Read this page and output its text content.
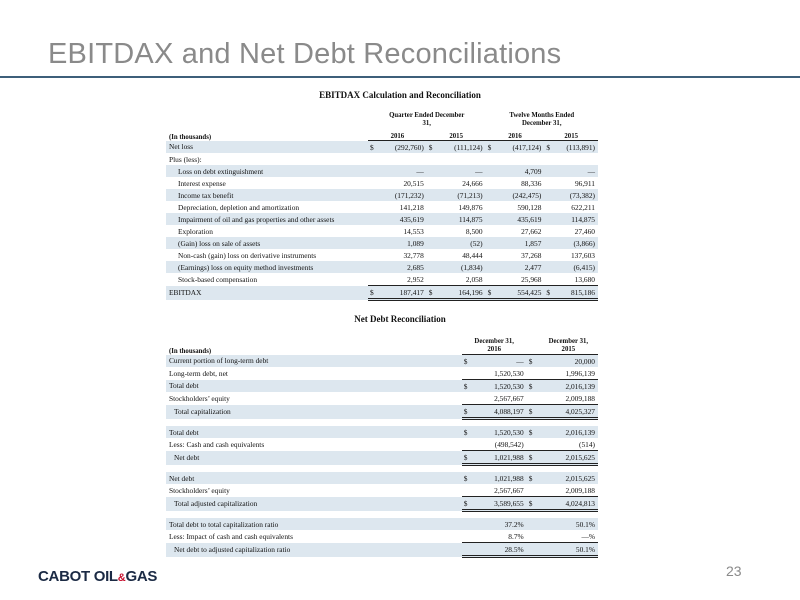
EBITDAX and Net Debt Reconciliations
EBITDAX Calculation and Reconciliation
	Quarter Ended December 31,				Twelve Months Ended December 31,			
(In thousands)	2016		2015		2016		2015	
Net loss	$	(292,760)	$	(111,124)	$	(417,124)	$	(113,891)
Plus (less):								
Loss on debt extinguishment		—		—		4,709		—
Interest expense		20,515		24,666		88,336		96,911
Income tax benefit		(171,232)		(71,213)		(242,475)		(73,382)
Depreciation, depletion and amortization		141,218		149,876		590,128		622,211
Impairment of oil and gas properties and other assets		435,619		114,875		435,619		114,875
Exploration		14,553		8,500		27,662		27,460
(Gain) loss on sale of assets		1,089		(52)		1,857		(3,866)
Non-cash (gain) loss on derivative instruments		32,778		48,444		37,268		137,603
(Earnings) loss on equity method investments		2,685		(1,834)		2,477		(6,415)
Stock-based compensation		2,952		2,058		25,968		13,680
EBITDAX	$	187,417	$	164,196	$	554,425	$	815,186
Net Debt Reconciliation
(In thousands)	December 31, 2016		December 31, 2015	
Current portion of long-term debt	$	—	$	20,000
Long-term debt, net		1,520,530		1,996,139
Total debt	$	1,520,530	$	2,016,139
Stockholders’ equity		2,567,667		2,009,188
Total capitalization	$	4,088,197	$	4,025,327

Total debt	$	1,520,530	$	2,016,139
Less: Cash and cash equivalents		(498,542)		(514)
Net debt	$	1,021,988	$	2,015,625

Net debt	$	1,021,988	$	2,015,625
Stockholders’ equity		2,567,667		2,009,188
Total adjusted capitalization	$	3,589,655	$	4,024,813

Total debt to total capitalization ratio		37.2%		50.1%
Less: Impact of cash and cash equivalents		8.7%		—%
Net debt to adjusted capitalization ratio		28.5%		50.1%
CABOT OIL&GAS	23
